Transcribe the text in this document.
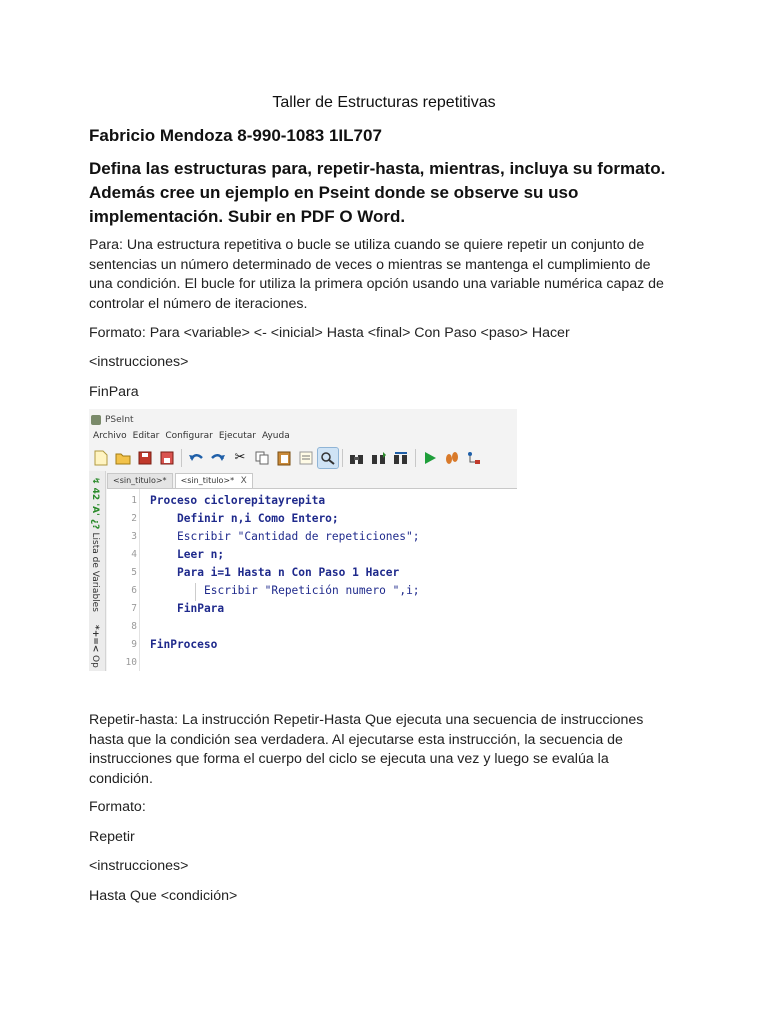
Taller de Estructuras repetitivas

Fabricio Mendoza 8-990-1083 1IL707

Defina las estructuras para, repetir-hasta, mientras, incluya su formato. Además cree un ejemplo en Pseint donde se observe su uso implementación. Subir en PDF O Word.

Para: Una estructura repetitiva o bucle se utiliza cuando se quiere repetir un conjunto de sentencias un número determinado de veces o mientras se mantenga el cumplimiento de una condición. El bucle for utiliza la primera opción usando una variable numérica capaz de controlar el número de iteraciones.

Formato: Para <variable> <- <inicial> Hasta <final> Con Paso <paso> Hacer

<instrucciones>

FinPara

Repetir-hasta: La instrucción Repetir-Hasta Que ejecuta una secuencia de instrucciones hasta que la condición sea verdadera. Al ejecutarse esta instrucción, la secuencia de instrucciones que forma el cuerpo del ciclo se ejecuta una vez y luego se evalúa la condición.

Formato:

Repetir

<instrucciones>

Hasta Que <condición>

PSeInt
Archivo Editar Configurar Ejecutar Ayuda
✂
↯ 42 'A' ¿? Lista de Variables *+=< Op
<sin_titulo>*	<sin_titulo>* X
1 Proceso ciclorepitayrepita
2	Definir n,i Como Entero;
3	Escribir "Cantidad de repeticiones";
4	Leer n;
5	Para i=1 Hasta n Con Paso 1 Hacer
6	Escribir "Repetición numero ",i;
7	FinPara
8
9 FinProceso
10
